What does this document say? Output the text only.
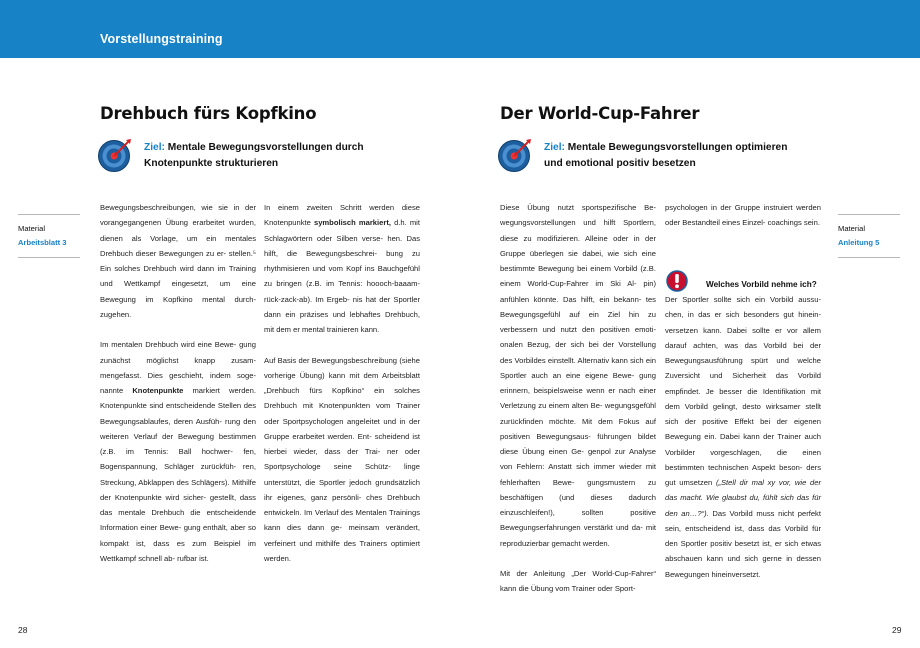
Vorstellungstraining
Drehbuch fürs Kopfkino
Ziel: Mentale Bewegungsvorstellungen durch
Knotenpunkte strukturieren
Material
Arbeitsblatt 3

Bewegungsbeschreibungen, wie sie in der vorangegangenen Übung erarbeitet wurden, dienen als Vorlage, um ein mentales Drehbuch dieser Bewegungen zu er- stellen.⁵ Ein solches Drehbuch wird dann im Training und Wettkampf eingesetzt, um eine Bewegung im Kopfkino mental durch- zugehen.

Im mentalen Drehbuch wird eine Bewe- gung zunächst möglichst knapp zusam- mengefasst. Dies geschieht, indem soge- nannte Knotenpunkte markiert werden. Knotenpunkte sind entscheidende Stellen des Bewegungsablaufes, deren Ausfüh- rung den weiteren Verlauf der Bewegung bestimmen (z.B. im Tennis: Ball hochwer- fen, Bogenspannung, Schläger zurückfüh- ren, Streckung, Abklappen des Schlägers). Mithilfe der Knotenpunkte wird sicher- gestellt, dass das mentale Drehbuch die entscheidende Information einer Bewe- gung enthält, aber so kompakt ist, dass es zum Beispiel im Wettkampf schnell ab- rufbar ist.

In einem zweiten Schritt werden diese Knotenpunkte symbolisch markiert, d.h. mit Schlagwörtern oder Silben verse- hen. Das hilft, die Bewegungsbeschrei- bung zu rhythmisieren und vom Kopf ins Bauchgefühl zu bringen (z.B. im Tennis: hoooch-baaam-rück-zack-ab). Im Ergeb- nis hat der Sportler dann ein präzises und lebhaftes Drehbuch, mit dem er mental trainieren kann.

Auf Basis der Bewegungsbeschreibung (siehe vorherige Übung) kann mit dem Arbeitsblatt „Drehbuch fürs Kopfkino“ ein solches Drehbuch mit Knotenpunkten vom Trainer oder Sportpsychologen angeleitet und in der Gruppe erarbeitet werden. Ent- scheidend ist hierbei wieder, dass der Trai- ner oder Sportpsychologe seine Schütz- linge unterstützt, die Sportler jedoch grundsätzlich ihr eigenes, ganz persönli- ches Drehbuch entwickeln. Im Verlauf des Mentalen Trainings kann dies dann ge- meinsam verändert, verfeinert und mithilfe des Trainers optimiert werden.

28
Der World-Cup-Fahrer
Ziel: Mentale Bewegungsvorstellungen optimieren
und emotional positiv besetzen
Material
Anleitung 5

Diese Übung nutzt sportspezifische Be- wegungsvorstellungen und hilft Sportlern, diese zu modifizieren. Alleine oder in der Gruppe überlegen sie dabei, wie sich eine bestimmte Bewegung bei einem Vorbild (z.B. einem World-Cup-Fahrer im Ski Al- pin) anfühlen könnte. Das hilft, ein bekann- tes Bewegungsgefühl auf ein Ziel hin zu verbessern und nutzt den positiven emoti- onalen Bezug, der sich bei der Vorstellung des Vorbildes einstellt. Alternativ kann sich ein Sportler auch an eine eigene Bewe- gung erinnern, beispielsweise wenn er nach einer Verletzung zu einem alten Be- wegungsgefühl zurückfinden möchte. Mit dem Fokus auf positiven Bewegungsaus- führungen bildet diese Übung einen Ge- genpol zur Analyse von Fehlern: Anstatt sich immer wieder mit fehlerhaften Bewe- gungsmustern zu beschäftigen (und dieses dadurch einzuschleifen!), sollten positive Bewegungserfahrungen verstärkt und da- mit reproduzierbar gemacht werden.

Mit der Anleitung „Der World-Cup-Fahrer“ kann die Übung vom Trainer oder Sport-

psychologen in der Gruppe instruiert werden oder Bestandteil eines Einzel- coachings sein.

Welches Vorbild nehme ich?

Der Sportler sollte sich ein Vorbild aussu- chen, in das er sich besonders gut hinein- versetzen kann. Dabei sollte er vor allem darauf achten, was das Vorbild bei der Bewegungsausführung spürt und welche Zuversicht und Sicherheit das Vorbild empfindet. Je besser die Identifikation mit dem Vorbild gelingt, desto wirksamer stellt sich der positive Effekt bei der eigenen Bewegung ein. Dabei kann der Trainer auch Vorbilder vorgeschlagen, die einen bestimmten technischen Aspekt beson- ders gut umsetzen („Stell dir mal xy vor, wie der das macht. Wie glaubst du, fühlt sich das für den an…?“). Das Vorbild muss nicht perfekt sein, entscheidend ist, dass das Vorbild für den Sportler positiv besetzt ist, er sich etwas abschauen kann und sich gerne in dessen Bewegungen hineinversetzt.

29
